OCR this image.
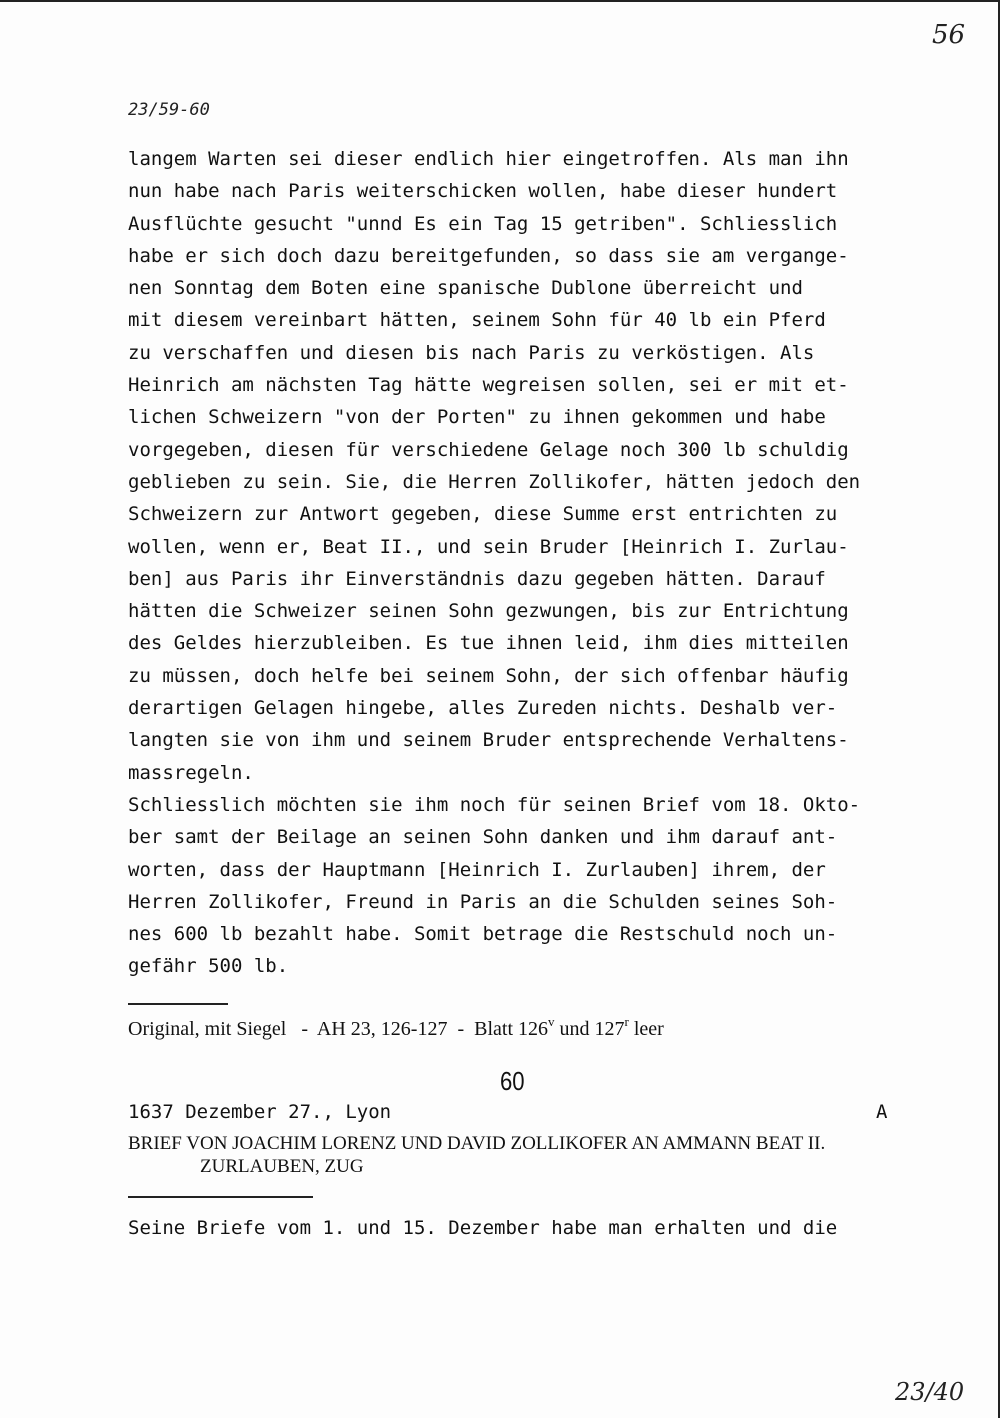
56
23/59-60
langem Warten sei dieser endlich hier eingetroffen. Als man ihn
nun habe nach Paris weiterschicken wollen, habe dieser hundert
Ausflüchte gesucht "unnd Es ein Tag 15 getriben". Schliesslich
habe er sich doch dazu bereitgefunden, so dass sie am vergange-
nen Sonntag dem Boten eine spanische Dublone überreicht und
mit diesem vereinbart hätten, seinem Sohn für 40 lb ein Pferd
zu verschaffen und diesen bis nach Paris zu verköstigen. Als
Heinrich am nächsten Tag hätte wegreisen sollen, sei er mit et-
lichen Schweizern "von der Porten" zu ihnen gekommen und habe
vorgegeben, diesen für verschiedene Gelage noch 300 lb schuldig
geblieben zu sein. Sie, die Herren Zollikofer, hätten jedoch den
Schweizern zur Antwort gegeben, diese Summe erst entrichten zu
wollen, wenn er, Beat II., und sein Bruder [Heinrich I. Zurlau-
ben] aus Paris ihr Einverständnis dazu gegeben hätten. Darauf
hätten die Schweizer seinen Sohn gezwungen, bis zur Entrichtung
des Geldes hierzubleiben. Es tue ihnen leid, ihm dies mitteilen
zu müssen, doch helfe bei seinem Sohn, der sich offenbar häufig
derartigen Gelagen hingebe, alles Zureden nichts. Deshalb ver-
langten sie von ihm und seinem Bruder entsprechende Verhaltens-
massregeln.
Schliesslich möchten sie ihm noch für seinen Brief vom 18. Okto-
ber samt der Beilage an seinen Sohn danken und ihm darauf ant-
worten, dass der Hauptmann [Heinrich I. Zurlauben] ihrem, der
Herren Zollikofer, Freund in Paris an die Schulden seines Soh-
nes 600 lb bezahlt habe. Somit betrage die Restschuld noch un-
gefähr 500 lb.
Original, mit Siegel - AH 23, 126-127 - Blatt 126$^v$ und 127$^r$ leer
60
1637 Dezember 27., Lyon	A
BRIEF VON JOACHIM LORENZ UND DAVID ZOLLIKOFER AN AMMANN BEAT II.
ZURLAUBEN, ZUG
Seine Briefe vom 1. und 15. Dezember habe man erhalten und die
23/40
